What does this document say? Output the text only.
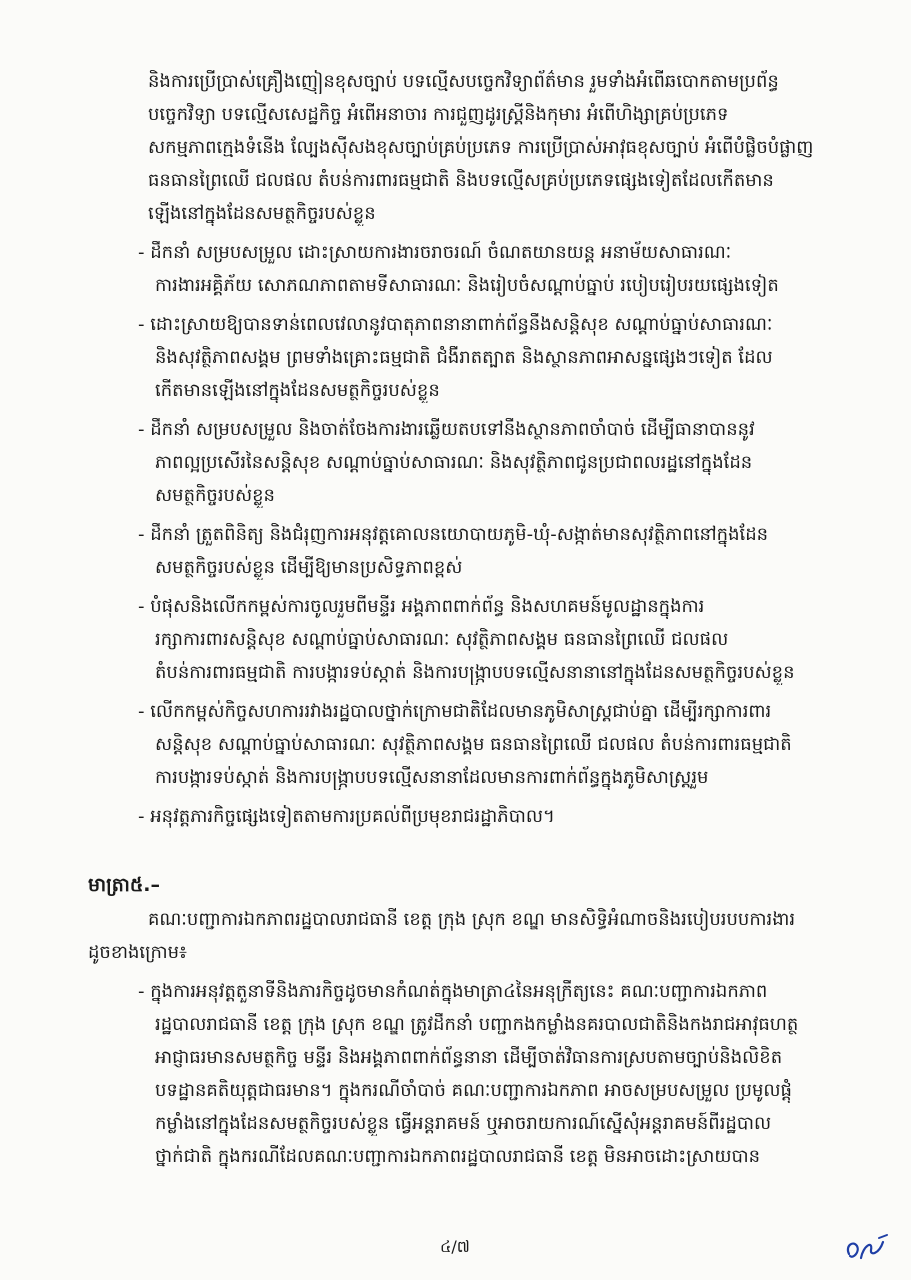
និងការប្រើប្រាស់គ្រឿងញៀនខុសច្បាប់ បទល្មើសបច្ចេកវិទ្យាព័ត៌មាន រួមទាំងអំពើឆបោកតាមប្រព័ន្ធ
បច្ចេកវិទ្យា បទល្មើសសេដ្ឋកិច្ច អំពើអនាចារ ការជួញដូរស្ត្រីនិងកុមារ អំពើហិង្សាគ្រប់ប្រភេទ
សកម្មភាពក្មេងទំនើង ល្បែងស៊ីសងខុសច្បាប់គ្រប់ប្រភេទ ការប្រើប្រាស់អាវុធខុសច្បាប់ អំពើបំផ្លិចបំផ្លាញ
ធនធានព្រៃឈើ ជលផល តំបន់ការពារធម្មជាតិ និងបទល្មើសគ្រប់ប្រភេទផ្សេងទៀតដែលកើតមាន
ឡើងនៅក្នុងដែនសមត្ថកិច្ចរបស់ខ្លួន
- ដឹកនាំ សម្របសម្រួល ដោះស្រាយការងារចរាចរណ៍ ចំណតយានយន្ត អនាម័យសាធារណៈ
ការងារអគ្គិភ័យ សោភណភាពតាមទីសាធារណៈ និងរៀបចំសណ្តាប់ធ្នាប់ របៀបរៀបរយផ្សេងទៀត
- ដោះស្រាយឱ្យបានទាន់ពេលវេលានូវបាតុភាពនានាពាក់ព័ន្ធនឹងសន្តិសុខ សណ្តាប់ធ្នាប់សាធារណៈ
និងសុវត្ថិភាពសង្គម ព្រមទាំងគ្រោះធម្មជាតិ ជំងឺរាតត្បាត និងស្ថានភាពអាសន្នផ្សេងៗទៀត ដែល
កើតមានឡើងនៅក្នុងដែនសមត្ថកិច្ចរបស់ខ្លួន
- ដឹកនាំ សម្របសម្រួល និងចាត់ចែងការងារឆ្លើយតបទៅនឹងស្ថានភាពចាំបាច់ ដើម្បីធានាបាននូវ
ភាពល្អប្រសើរនៃសន្តិសុខ សណ្តាប់ធ្នាប់សាធារណៈ និងសុវត្ថិភាពជូនប្រជាពលរដ្ឋនៅក្នុងដែន
សមត្ថកិច្ចរបស់ខ្លួន
- ដឹកនាំ ត្រួតពិនិត្យ និងជំរុញការអនុវត្តគោលនយោបាយភូមិ-ឃុំ-សង្កាត់មានសុវត្ថិភាពនៅក្នុងដែន
សមត្ថកិច្ចរបស់ខ្លួន ដើម្បីឱ្យមានប្រសិទ្ធភាពខ្ពស់
- បំផុសនិងលើកកម្ពស់ការចូលរួមពីមន្ទីរ អង្គភាពពាក់ព័ន្ធ និងសហគមន៍មូលដ្ឋានក្នុងការ
រក្សាការពារសន្តិសុខ សណ្តាប់ធ្នាប់សាធារណៈ សុវត្ថិភាពសង្គម ធនធានព្រៃឈើ ជលផល
តំបន់ការពារធម្មជាតិ ការបង្ការទប់ស្កាត់ និងការបង្ក្រាបបទល្មើសនានានៅក្នុងដែនសមត្ថកិច្ចរបស់ខ្លួន
- លើកកម្ពស់កិច្ចសហការរវាងរដ្ឋបាលថ្នាក់ក្រោមជាតិដែលមានភូមិសាស្ត្រជាប់គ្នា ដើម្បីរក្សាការពារ
សន្តិសុខ សណ្តាប់ធ្នាប់សាធារណៈ សុវត្ថិភាពសង្គម ធនធានព្រៃឈើ ជលផល តំបន់ការពារធម្មជាតិ
ការបង្ការទប់ស្កាត់ និងការបង្ក្រាបបទល្មើសនានាដែលមានការពាក់ព័ន្ធក្នុងភូមិសាស្ត្ររួម
- អនុវត្តភារកិច្ចផ្សេងទៀតតាមការប្រគល់ពីប្រមុខរាជរដ្ឋាភិបាល។
មាត្រា៥.–
គណៈបញ្ជាការឯកភាពរដ្ឋបាលរាជធានី ខេត្ត ក្រុង ស្រុក ខណ្ឌ មានសិទ្ធិអំណាចនិងរបៀបរបបការងារ
ដូចខាងក្រោម៖
- ក្នុងការអនុវត្តតួនាទីនិងភារកិច្ចដូចមានកំណត់ក្នុងមាត្រា៤នៃអនុក្រឹត្យនេះ គណៈបញ្ជាការឯកភាព
រដ្ឋបាលរាជធានី ខេត្ត ក្រុង ស្រុក ខណ្ឌ ត្រូវដឹកនាំ បញ្ជាកងកម្លាំងនគរបាលជាតិនិងកងរាជអាវុធហត្ថ
អាជ្ញាធរមានសមត្ថកិច្ច មន្ទីរ និងអង្គភាពពាក់ព័ន្ធនានា ដើម្បីចាត់វិធានការស្របតាមច្បាប់និងលិខិត
បទដ្ឋានគតិយុត្តជាធរមាន។ ក្នុងករណីចាំបាច់ គណៈបញ្ជាការឯកភាព អាចសម្របសម្រួល ប្រមូលផ្តុំ
កម្លាំងនៅក្នុងដែនសមត្ថកិច្ចរបស់ខ្លួន ធ្វើអន្តរាគមន៍ ឬអាចរាយការណ៍ស្នើសុំអន្តរាគមន៍ពីរដ្ឋបាល
ថ្នាក់ជាតិ ក្នុងករណីដែលគណៈបញ្ជាការឯកភាពរដ្ឋបាលរាជធានី ខេត្ត មិនអាចដោះស្រាយបាន
៤/៧
